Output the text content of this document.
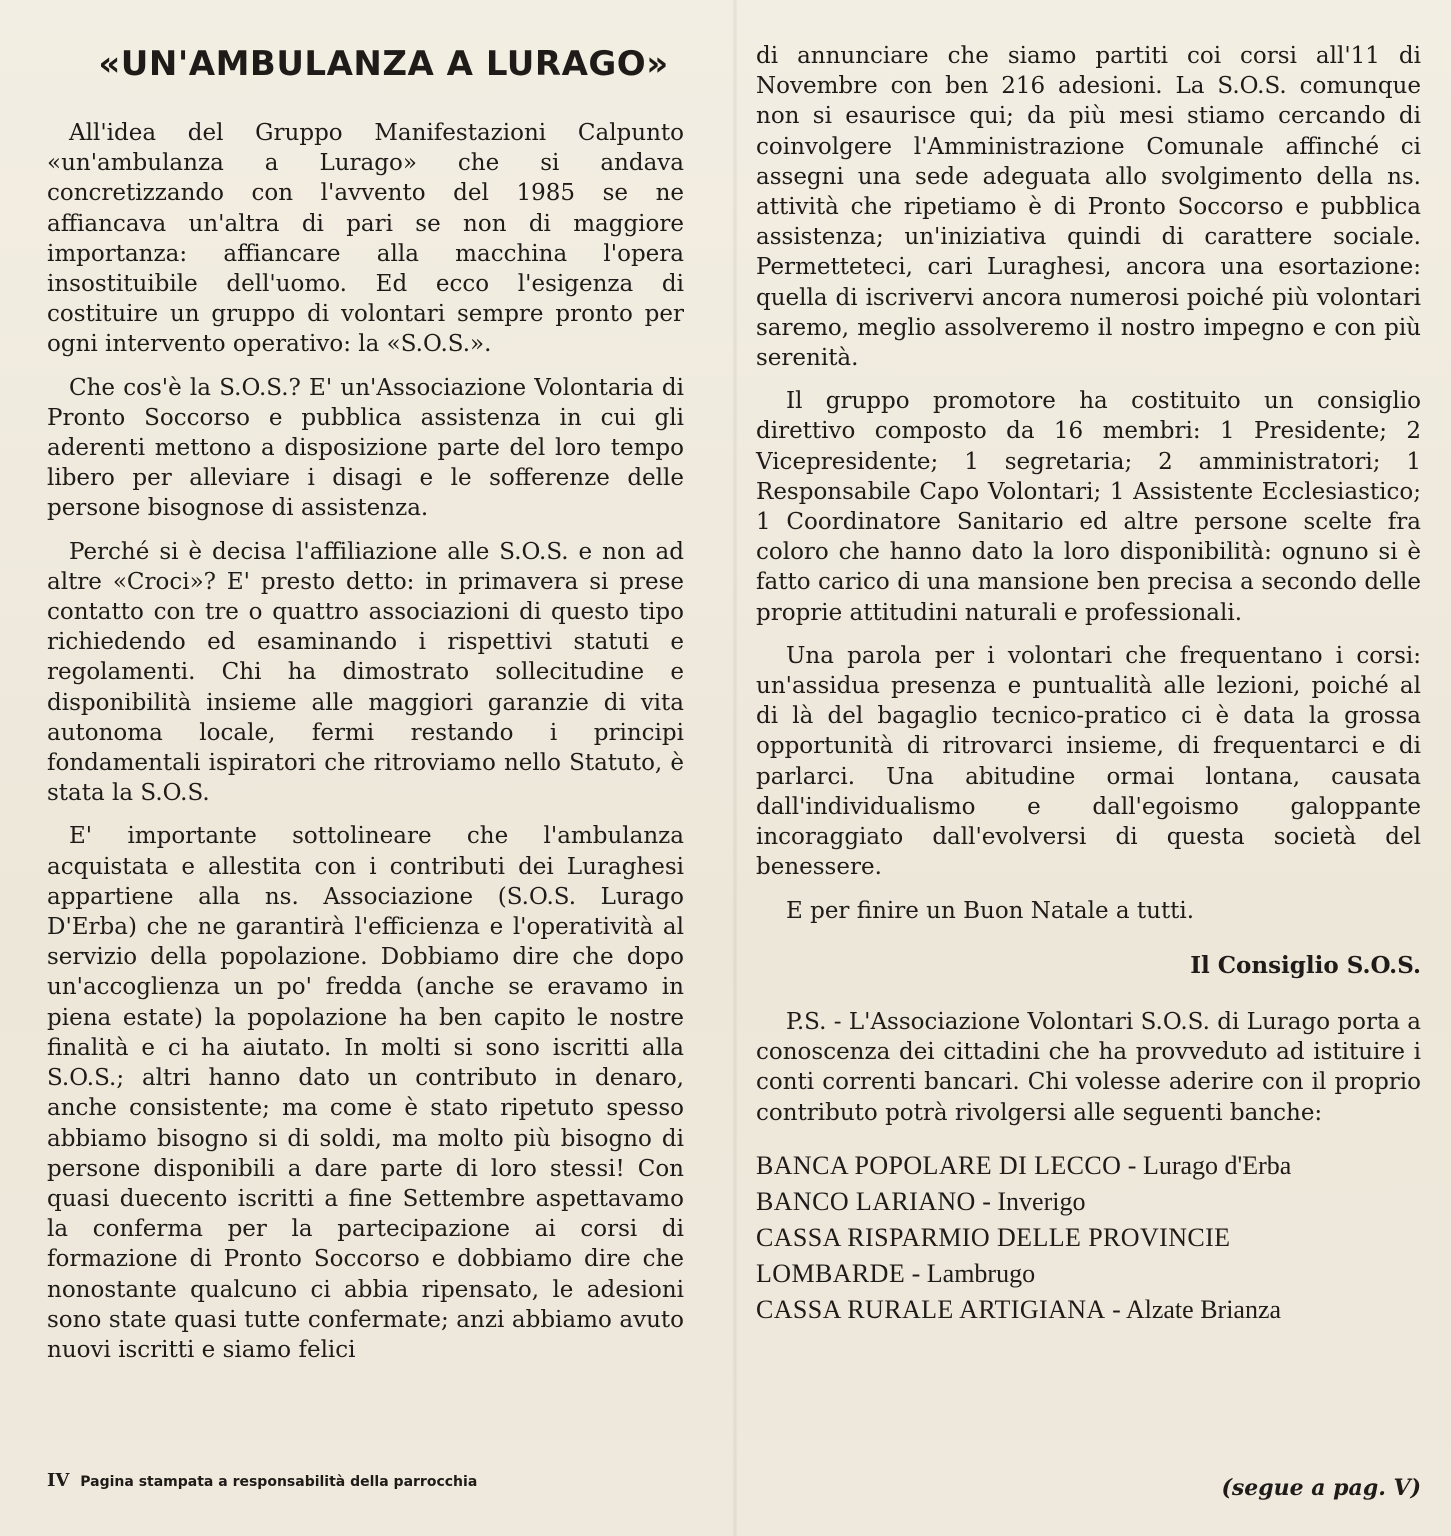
«UN'AMBULANZA A LURAGO»

All'idea del Gruppo Manifestazioni Calpunto «un'ambulanza a Lurago» che si andava concretizzando con l'avvento del 1985 se ne affiancava un'altra di pari se non di maggiore importanza: affiancare alla macchina l'opera insostituibile dell'uomo. Ed ecco l'esigenza di costituire un gruppo di volontari sempre pronto per ogni intervento operativo: la «S.O.S.».

Che cos'è la S.O.S.? E' un'Associazione Volontaria di Pronto Soccorso e pubblica assistenza in cui gli aderenti mettono a disposizione parte del loro tempo libero per alleviare i disagi e le sofferenze delle persone bisognose di assistenza.

Perché si è decisa l'affiliazione alle S.O.S. e non ad altre «Croci»? E' presto detto: in primavera si prese contatto con tre o quattro associazioni di questo tipo richiedendo ed esaminando i rispettivi statuti e regolamenti. Chi ha dimostrato sollecitudine e disponibilità insieme alle maggiori garanzie di vita autonoma locale, fermi restando i principi fondamentali ispiratori che ritroviamo nello Statuto, è stata la S.O.S.

E' importante sottolineare che l'ambulanza acquistata e allestita con i contributi dei Luraghesi appartiene alla ns. Associazione (S.O.S. Lurago D'Erba) che ne garantirà l'efficienza e l'operatività al servizio della popolazione. Dobbiamo dire che dopo un'accoglienza un po' fredda (anche se eravamo in piena estate) la popolazione ha ben capito le nostre finalità e ci ha aiutato. In molti si sono iscritti alla S.O.S.; altri hanno dato un contributo in denaro, anche consistente; ma come è stato ripetuto spesso abbiamo bisogno si di soldi, ma molto più bisogno di persone disponibili a dare parte di loro stessi! Con quasi duecento iscritti a fine Settembre aspettavamo la conferma per la partecipazione ai corsi di formazione di Pronto Soccorso e dobbiamo dire che nonostante qualcuno ci abbia ripensato, le adesioni sono state quasi tutte confermate; anzi abbiamo avuto nuovi iscritti e siamo felici

di annunciare che siamo partiti coi corsi all'11 di Novembre con ben 216 adesioni. La S.O.S. comunque non si esaurisce qui; da più mesi stiamo cercando di coinvolgere l'Amministrazione Comunale affinché ci assegni una sede adeguata allo svolgimento della ns. attività che ripetiamo è di Pronto Soccorso e pubblica assistenza; un'iniziativa quindi di carattere sociale. Permetteteci, cari Luraghesi, ancora una esortazione: quella di iscrivervi ancora numerosi poiché più volontari saremo, meglio assolveremo il nostro impegno e con più serenità.

Il gruppo promotore ha costituito un consiglio direttivo composto da 16 membri: 1 Presidente; 2 Vicepresidente; 1 segretaria; 2 amministratori; 1 Responsabile Capo Volontari; 1 Assistente Ecclesiastico; 1 Coordinatore Sanitario ed altre persone scelte fra coloro che hanno dato la loro disponibilità: ognuno si è fatto carico di una mansione ben precisa a secondo delle proprie attitudini naturali e professionali.

Una parola per i volontari che frequentano i corsi: un'assidua presenza e puntualità alle lezioni, poiché al di là del bagaglio tecnico-pratico ci è data la grossa opportunità di ritrovarci insieme, di frequentarci e di parlarci. Una abitudine ormai lontana, causata dall'individualismo e dall'egoismo galoppante incoraggiato dall'evolversi di questa società del benessere.

E per finire un Buon Natale a tutti.

Il Consiglio S.O.S.

P.S. - L'Associazione Volontari S.O.S. di Lurago porta a conoscenza dei cittadini che ha provveduto ad istituire i conti correnti bancari. Chi volesse aderire con il proprio contributo potrà rivolgersi alle seguenti banche:

BANCA POPOLARE DI LECCO - Lurago d'Erba
BANCO LARIANO - Inverigo
CASSA RISPARMIO DELLE PROVINCIE
LOMBARDE - Lambrugo
CASSA RURALE ARTIGIANA - Alzate Brianza
IV Pagina stampata a responsabilità della parrocchia	(segue a pag. V)
